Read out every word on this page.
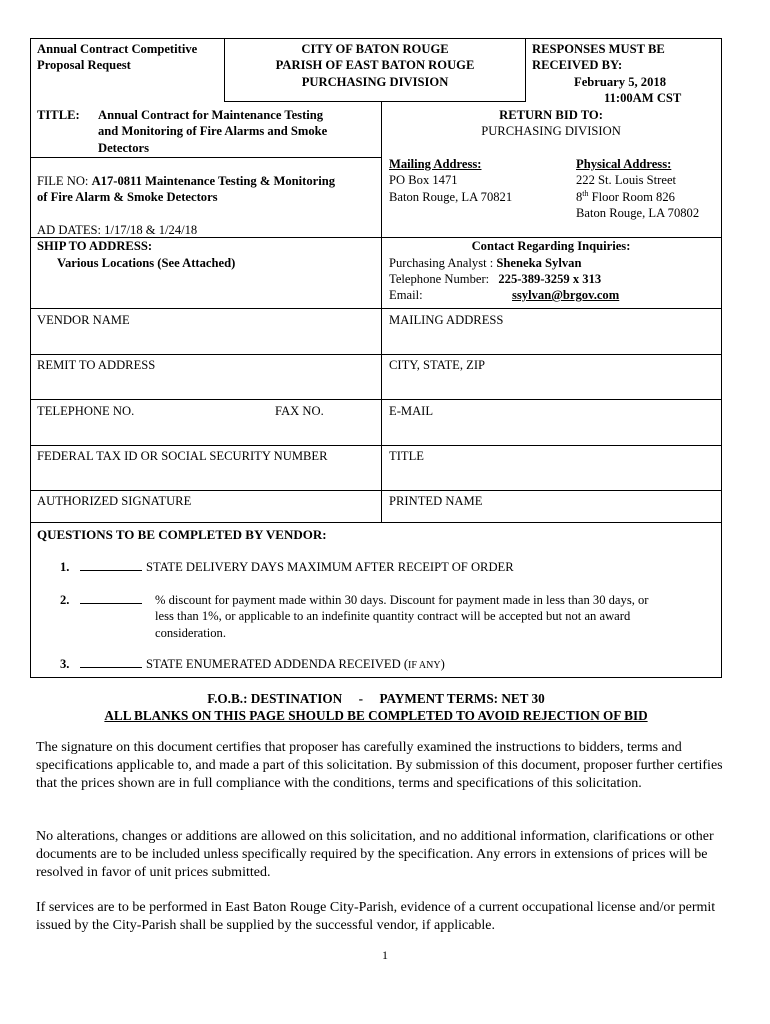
Annual Contract Competitive
Proposal Request
CITY OF BATON ROUGE
PARISH OF EAST BATON ROUGE
PURCHASING DIVISION
RESPONSES MUST BE
RECEIVED BY:
February 5, 2018
11:00AM CST
TITLE: Annual Contract for Maintenance Testing
and Monitoring of Fire Alarms and Smoke
Detectors
FILE NO: A17-0811 Maintenance Testing & Monitoring
of Fire Alarm & Smoke Detectors
AD DATES: 1/17/18 & 1/24/18
RETURN BID TO:
PURCHASING DIVISION
Mailing Address:
PO Box 1471
Baton Rouge, LA 70821
Physical Address:
222 St. Louis Street
8th Floor Room 826
Baton Rouge, LA 70802
SHIP TO ADDRESS:
Various Locations (See Attached)
Contact Regarding Inquiries:
Purchasing Analyst : Sheneka Sylvan
Telephone Number: 225-389-3259 x 313
Email:	ssylvan@brgov.com
VENDOR NAME	MAILING ADDRESS
REMIT TO ADDRESS	CITY, STATE, ZIP
TELEPHONE NO.	FAX NO.	E-MAIL
FEDERAL TAX ID OR SOCIAL SECURITY NUMBER	TITLE
AUTHORIZED SIGNATURE	PRINTED NAME
QUESTIONS TO BE COMPLETED BY VENDOR:
1.	STATE DELIVERY DAYS MAXIMUM AFTER RECEIPT OF ORDER
2.	% discount for payment made within 30 days. Discount for payment made in less than 30 days, or
less than 1%, or applicable to an indefinite quantity contract will be accepted but not an award
consideration.
3.	STATE ENUMERATED ADDENDA RECEIVED (IF ANY)
F.O.B.: DESTINATION     -     PAYMENT TERMS: NET 30
ALL BLANKS ON THIS PAGE SHOULD BE COMPLETED TO AVOID REJECTION OF BID
The signature on this document certifies that proposer has carefully examined the instructions to bidders, terms and specifications applicable to, and made a part of this solicitation. By submission of this document, proposer further certifies that the prices shown are in full compliance with the conditions, terms and specifications of this solicitation.
No alterations, changes or additions are allowed on this solicitation, and no additional information, clarifications or other documents are to be included unless specifically required by the specification. Any errors in extensions of prices will be resolved in favor of unit prices submitted.
If services are to be performed in East Baton Rouge City-Parish, evidence of a current occupational license and/or permit issued by the City-Parish shall be supplied by the successful vendor, if applicable.
1
